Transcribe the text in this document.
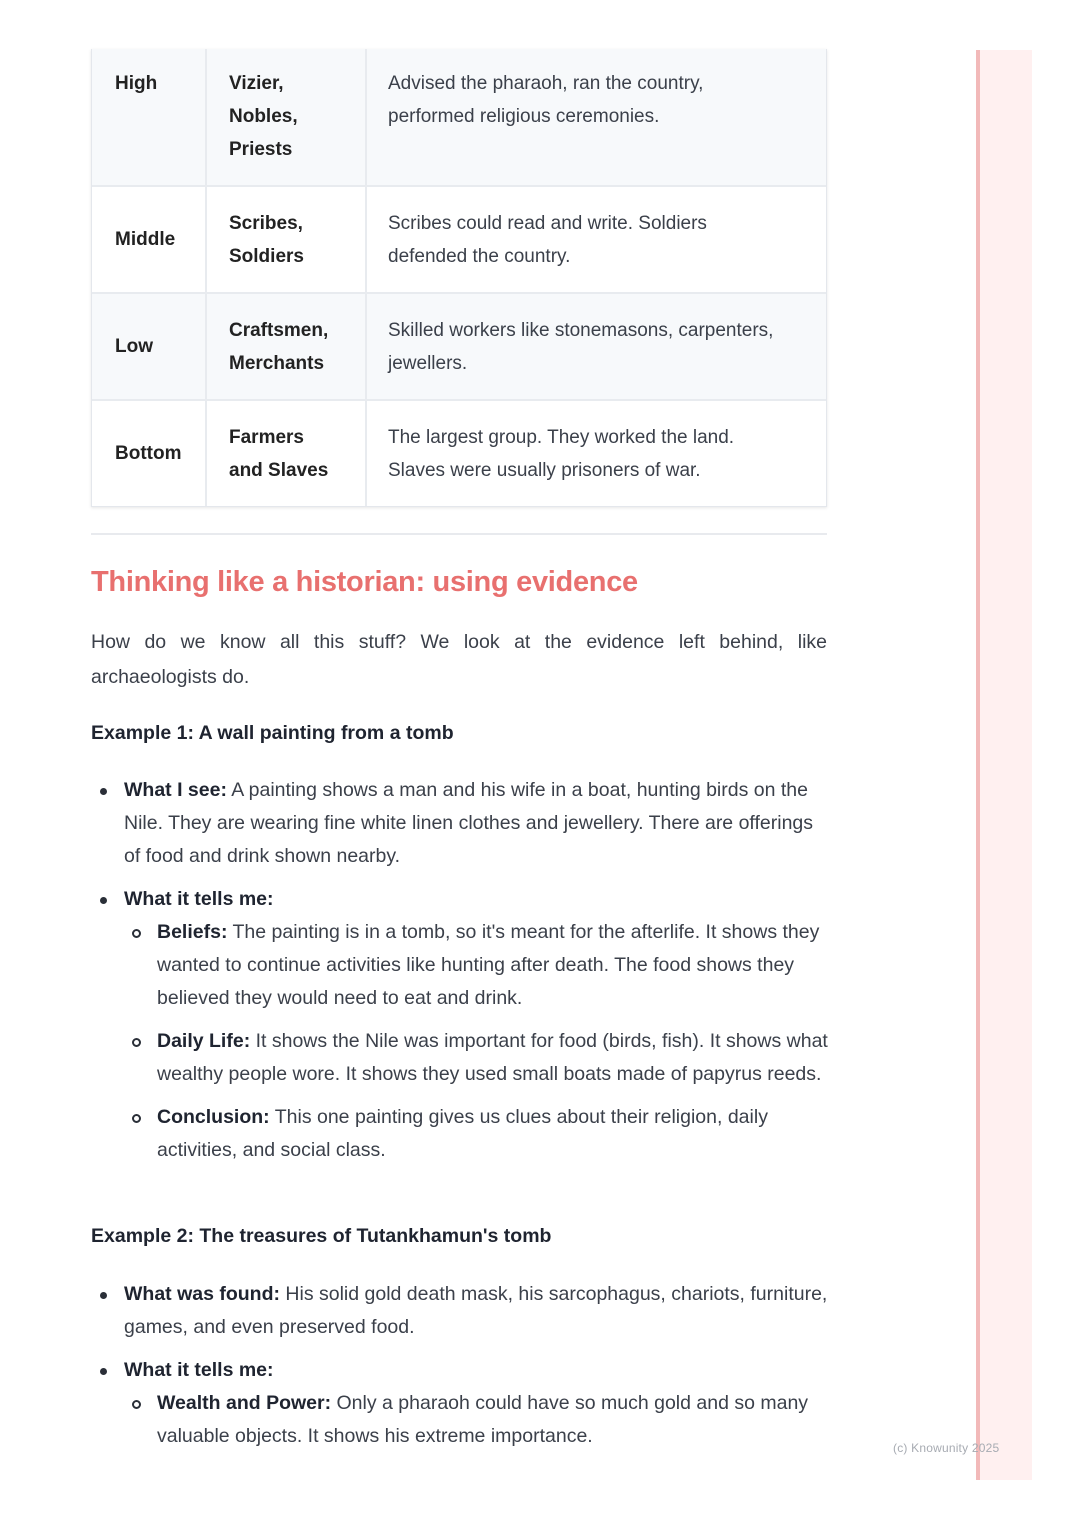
High	Vizier,
Nobles,
Priests
Advised the pharaoh, ran the country,
performed religious ceremonies.
Middle
Scribes,
Soldiers
Scribes could read and write. Soldiers
defended the country.
Low
Craftsmen,
Merchants
Skilled workers like stonemasons, carpenters,
jewellers.
Bottom
Farmers
and Slaves
The largest group. They worked the land.
Slaves were usually prisoners of war.
Thinking like a historian: using evidence

How do we know all this stuff? We look at the evidence left behind, like archaeologists do.

Example 1: A wall painting from a tomb

What I see: A painting shows a man and his wife in a boat, hunting birds on the Nile. They are wearing fine white linen clothes and jewellery. There are offerings of food and drink shown nearby.
What it tells me:
Beliefs: The painting is in a tomb, so it's meant for the afterlife. It shows they wanted to continue activities like hunting after death. The food shows they believed they would need to eat and drink.
Daily Life: It shows the Nile was important for food (birds, fish). It shows what wealthy people wore. It shows they used small boats made of papyrus reeds.
Conclusion: This one painting gives us clues about their religion, daily activities, and social class.

Example 2: The treasures of Tutankhamun's tomb

What was found: His solid gold death mask, his sarcophagus, chariots, furniture, games, and even preserved food.
What it tells me:
Wealth and Power: Only a pharaoh could have so much gold and so many valuable objects. It shows his extreme importance.
(c) Knowunity 2025
